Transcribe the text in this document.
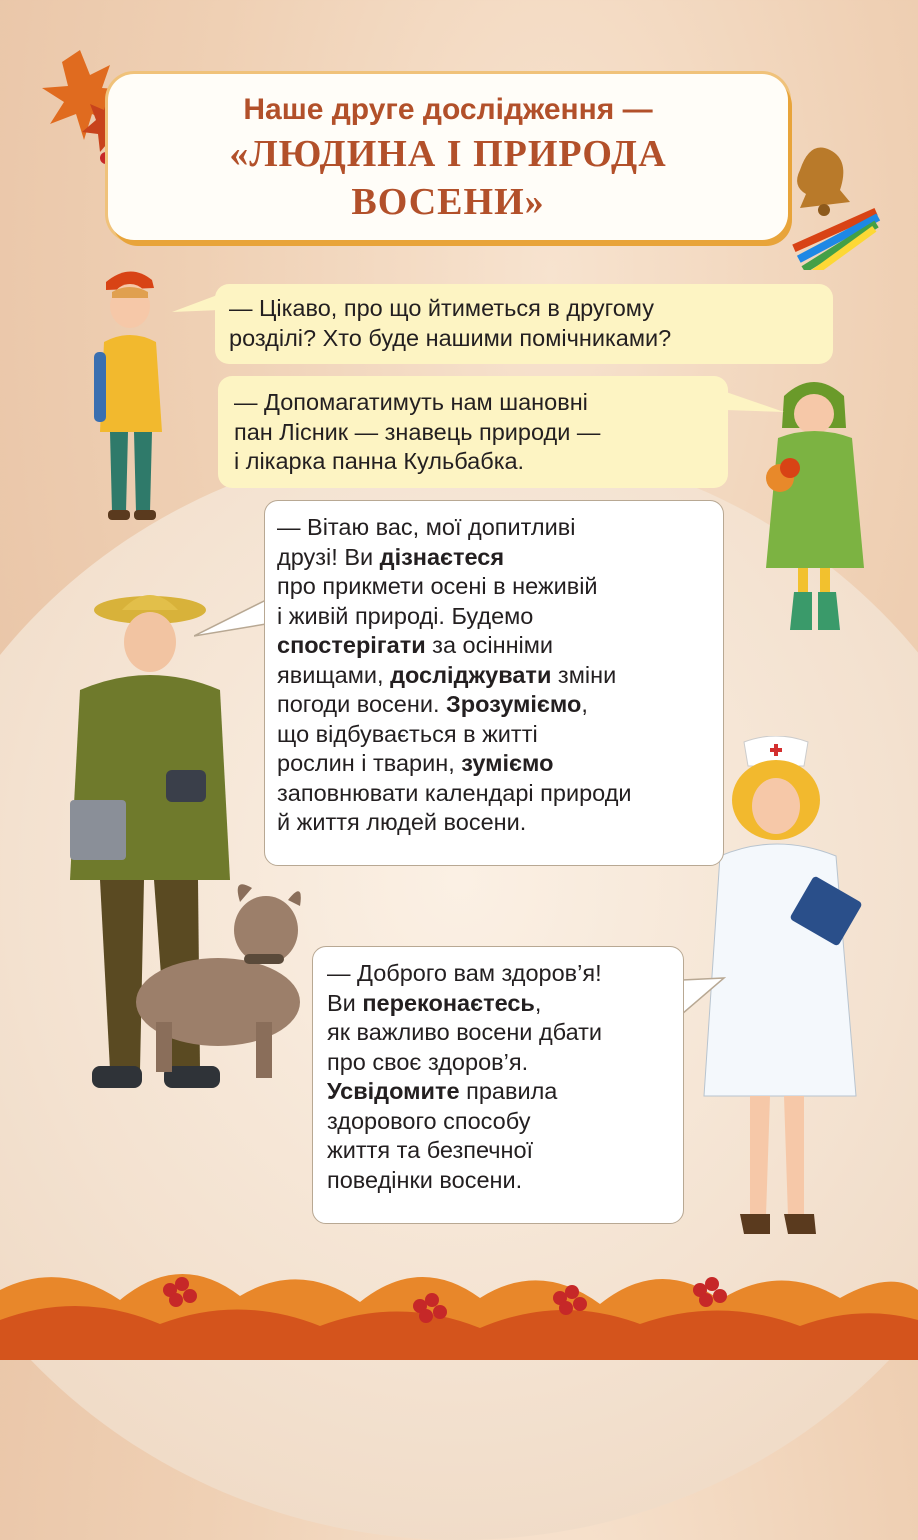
Наше друге дослідження —
«ЛЮДИНА І ПРИРОДА
ВОСЕНИ»
— Цікаво, про що йтиметься в другому
розділі? Хто буде нашими помічниками?
— Допомагатимуть нам шановні
пан Лісник — знавець природи —
і лікарка панна Кульбабка.
— Вітаю вас, мої допитливі
друзі! Ви дізнаєтеся
про прикмети осені в неживій
і живій природі. Будемо
спостерігати за осінніми
явищами, досліджувати зміни
погоди восени. Зрозуміємо,
що відбувається в житті
рослин і тварин, зуміємо
заповнювати календарі природи
й життя людей восени.
— Доброго вам здоров’я!
Ви переконаєтесь,
як важливо восени дбати
про своє здоров’я.
Усвідомите правила
здорового способу
життя та безпечної
поведінки восени.
